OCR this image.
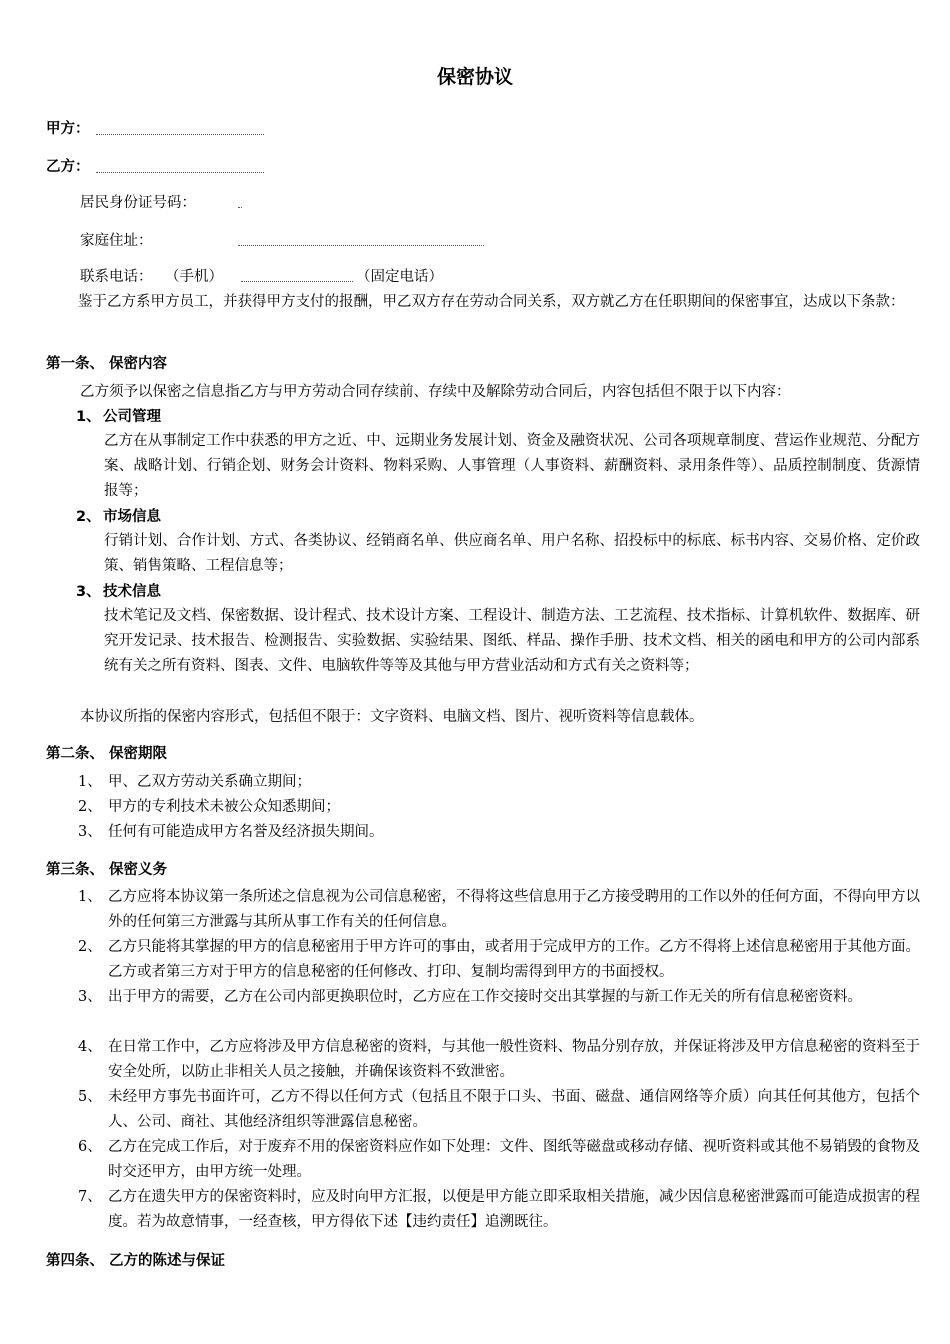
保密协议
甲方：
乙方：
居民身份证号码：
家庭住址：
联系电话： （手机）	（固定电话）
鉴于乙方系甲方员工，并获得甲方支付的报酬，甲乙双方存在劳动合同关系，双方就乙方在任职期间的保密事宜，达成以下条款：
第一条、 保密内容
乙方须予以保密之信息指乙方与甲方劳动合同存续前、存续中及解除劳动合同后，内容包括但不限于以下内容：
1、 公司管理
乙方在从事制定工作中获悉的甲方之近、中、远期业务发展计划、资金及融资状况、公司各项规章制度、营运作业规范、分配方案、战略计划、行销企划、财务会计资料、物料采购、人事管理（人事资料、薪酬资料、录用条件等）、品质控制制度、货源情报等；
2、 市场信息
行销计划、合作计划、方式、各类协议、经销商名单、供应商名单、用户名称、招投标中的标底、标书内容、交易价格、定价政策、销售策略、工程信息等；
3、 技术信息
技术笔记及文档、保密数据、设计程式、技术设计方案、工程设计、制造方法、工艺流程、技术指标、计算机软件、数据库、研究开发记录、技术报告、检测报告、实验数据、实验结果、图纸、样品、操作手册、技术文档、相关的函电和甲方的公司内部系统有关之所有资料、图表、文件、电脑软件等等及其他与甲方营业活动和方式有关之资料等；
本协议所指的保密内容形式，包括但不限于：文字资料、电脑文档、图片、视听资料等信息载体。
第二条、 保密期限
1、 甲、乙双方劳动关系确立期间；
2、 甲方的专利技术未被公众知悉期间；
3、 任何有可能造成甲方名誉及经济损失期间。
第三条、 保密义务
1、 乙方应将本协议第一条所述之信息视为公司信息秘密，不得将这些信息用于乙方接受聘用的工作以外的任何方面，不得向甲方以外的任何第三方泄露与其所从事工作有关的任何信息。
2、 乙方只能将其掌握的甲方的信息秘密用于甲方许可的事由，或者用于完成甲方的工作。乙方不得将上述信息秘密用于其他方面。乙方或者第三方对于甲方的信息秘密的任何修改、打印、复制均需得到甲方的书面授权。
3、 出于甲方的需要，乙方在公司内部更换职位时，乙方应在工作交接时交出其掌握的与新工作无关的所有信息秘密资料。
4、 在日常工作中，乙方应将涉及甲方信息秘密的资料，与其他一般性资料、物品分别存放，并保证将涉及甲方信息秘密的资料至于安全处所，以防止非相关人员之接触，并确保该资料不致泄密。
5、 未经甲方事先书面许可，乙方不得以任何方式（包括且不限于口头、书面、磁盘、通信网络等介质）向其任何其他方，包括个人、公司、商社、其他经济组织等泄露信息秘密。
6、 乙方在完成工作后，对于废弃不用的保密资料应作如下处理：文件、图纸等磁盘或移动存储、视听资料或其他不易销毁的食物及时交还甲方，由甲方统一处理。
7、 乙方在遗失甲方的保密资料时，应及时向甲方汇报，以便是甲方能立即采取相关措施，减少因信息秘密泄露而可能造成损害的程度。若为故意情事，一经查核，甲方得依下述【违约责任】追溯既往。
第四条、 乙方的陈述与保证
